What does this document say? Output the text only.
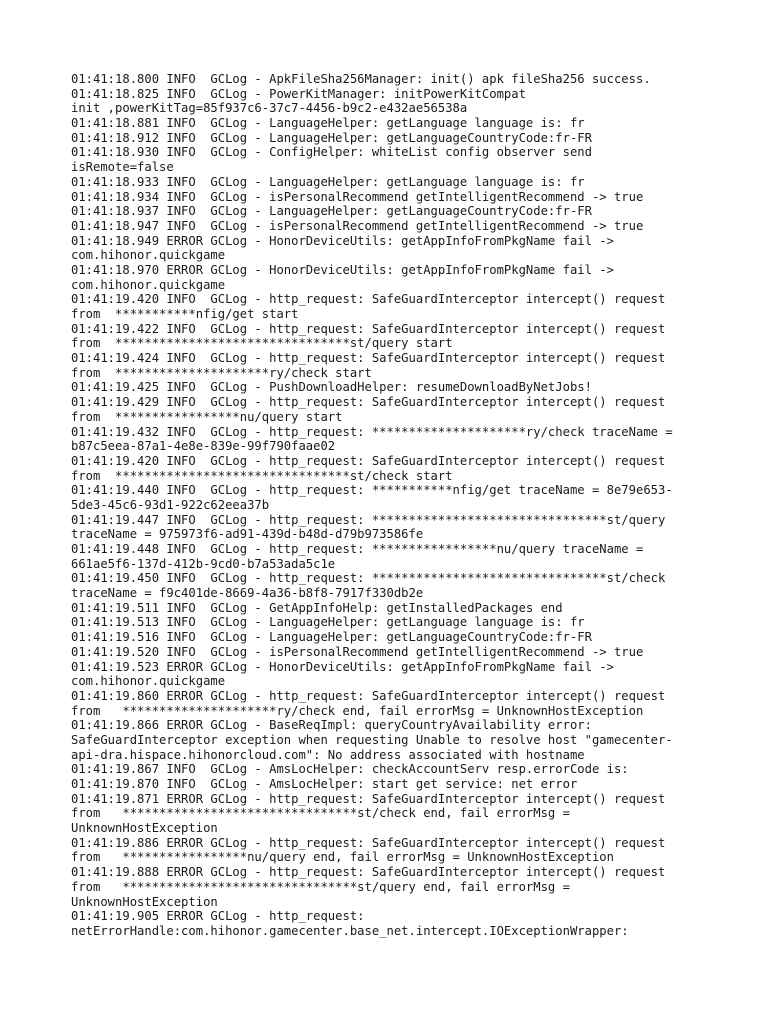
01:41:18.800 INFO  GCLog - ApkFileSha256Manager: init() apk fileSha256 success.
01:41:18.825 INFO  GCLog - PowerKitManager: initPowerKitCompat
init ,powerKitTag=85f937c6-37c7-4456-b9c2-e432ae56538a
01:41:18.881 INFO  GCLog - LanguageHelper: getLanguage language is: fr
01:41:18.912 INFO  GCLog - LanguageHelper: getLanguageCountryCode:fr-FR
01:41:18.930 INFO  GCLog - ConfigHelper: whiteList config observer send
isRemote=false
01:41:18.933 INFO  GCLog - LanguageHelper: getLanguage language is: fr
01:41:18.934 INFO  GCLog - isPersonalRecommend getIntelligentRecommend -> true
01:41:18.937 INFO  GCLog - LanguageHelper: getLanguageCountryCode:fr-FR
01:41:18.947 INFO  GCLog - isPersonalRecommend getIntelligentRecommend -> true
01:41:18.949 ERROR GCLog - HonorDeviceUtils: getAppInfoFromPkgName fail ->
com.hihonor.quickgame
01:41:18.970 ERROR GCLog - HonorDeviceUtils: getAppInfoFromPkgName fail ->
com.hihonor.quickgame
01:41:19.420 INFO  GCLog - http_request: SafeGuardInterceptor intercept() request
from  ***********nfig/get start
01:41:19.422 INFO  GCLog - http_request: SafeGuardInterceptor intercept() request
from  ********************************st/query start
01:41:19.424 INFO  GCLog - http_request: SafeGuardInterceptor intercept() request
from  *********************ry/check start
01:41:19.425 INFO  GCLog - PushDownloadHelper: resumeDownloadByNetJobs!
01:41:19.429 INFO  GCLog - http_request: SafeGuardInterceptor intercept() request
from  *****************nu/query start
01:41:19.432 INFO  GCLog - http_request: *********************ry/check traceName =
b87c5eea-87a1-4e8e-839e-99f790faae02
01:41:19.420 INFO  GCLog - http_request: SafeGuardInterceptor intercept() request
from  ********************************st/check start
01:41:19.440 INFO  GCLog - http_request: ***********nfig/get traceName = 8e79e653-
5de3-45c6-93d1-922c62eea37b
01:41:19.447 INFO  GCLog - http_request: ********************************st/query
traceName = 975973f6-ad91-439d-b48d-d79b973586fe
01:41:19.448 INFO  GCLog - http_request: *****************nu/query traceName =
661ae5f6-137d-412b-9cd0-b7a53ada5c1e
01:41:19.450 INFO  GCLog - http_request: ********************************st/check
traceName = f9c401de-8669-4a36-b8f8-7917f330db2e
01:41:19.511 INFO  GCLog - GetAppInfoHelp: getInstalledPackages end
01:41:19.513 INFO  GCLog - LanguageHelper: getLanguage language is: fr
01:41:19.516 INFO  GCLog - LanguageHelper: getLanguageCountryCode:fr-FR
01:41:19.520 INFO  GCLog - isPersonalRecommend getIntelligentRecommend -> true
01:41:19.523 ERROR GCLog - HonorDeviceUtils: getAppInfoFromPkgName fail ->
com.hihonor.quickgame
01:41:19.860 ERROR GCLog - http_request: SafeGuardInterceptor intercept() request
from   *********************ry/check end, fail errorMsg = UnknownHostException
01:41:19.866 ERROR GCLog - BaseReqImpl: queryCountryAvailability error:
SafeGuardInterceptor exception when requesting Unable to resolve host "gamecenter-
api-dra.hispace.hihonorcloud.com": No address associated with hostname
01:41:19.867 INFO  GCLog - AmsLocHelper: checkAccountServ resp.errorCode is:
01:41:19.870 INFO  GCLog - AmsLocHelper: start get service: net error
01:41:19.871 ERROR GCLog - http_request: SafeGuardInterceptor intercept() request
from   ********************************st/check end, fail errorMsg =
UnknownHostException
01:41:19.886 ERROR GCLog - http_request: SafeGuardInterceptor intercept() request
from   *****************nu/query end, fail errorMsg = UnknownHostException
01:41:19.888 ERROR GCLog - http_request: SafeGuardInterceptor intercept() request
from   ********************************st/query end, fail errorMsg =
UnknownHostException
01:41:19.905 ERROR GCLog - http_request:
netErrorHandle:com.hihonor.gamecenter.base_net.intercept.IOExceptionWrapper:
